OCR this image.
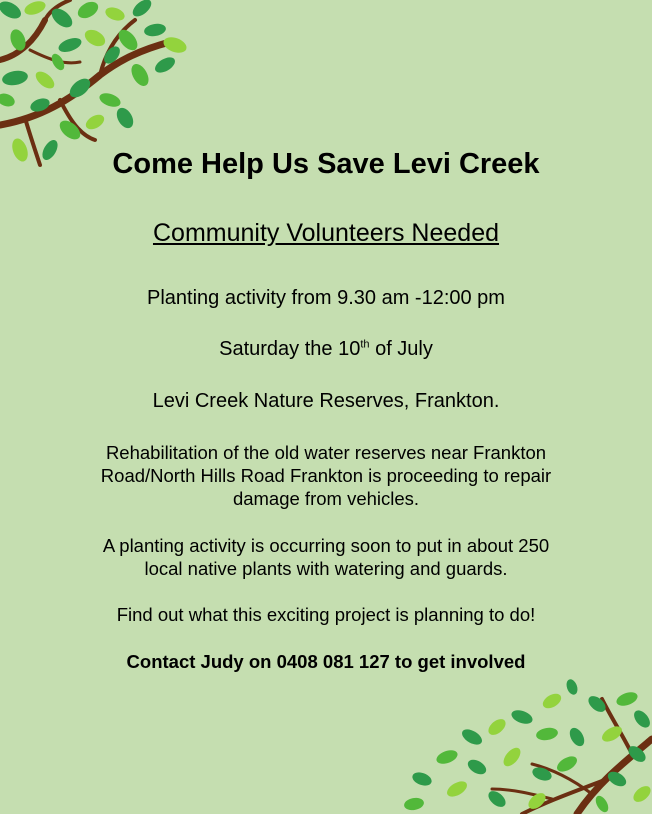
Come Help Us Save Levi Creek
Community Volunteers Needed
Planting activity from 9.30 am -12:00 pm
Saturday the 10th of July
Levi Creek Nature Reserves, Frankton.
Rehabilitation of the old water reserves near Frankton
Road/North Hills Road Frankton is proceeding to repair
damage from vehicles.
A planting activity is occurring soon to put in about 250
local native plants with watering and guards.
Find out what this exciting project is planning to do!
Contact Judy on 0408 081 127 to get involved
